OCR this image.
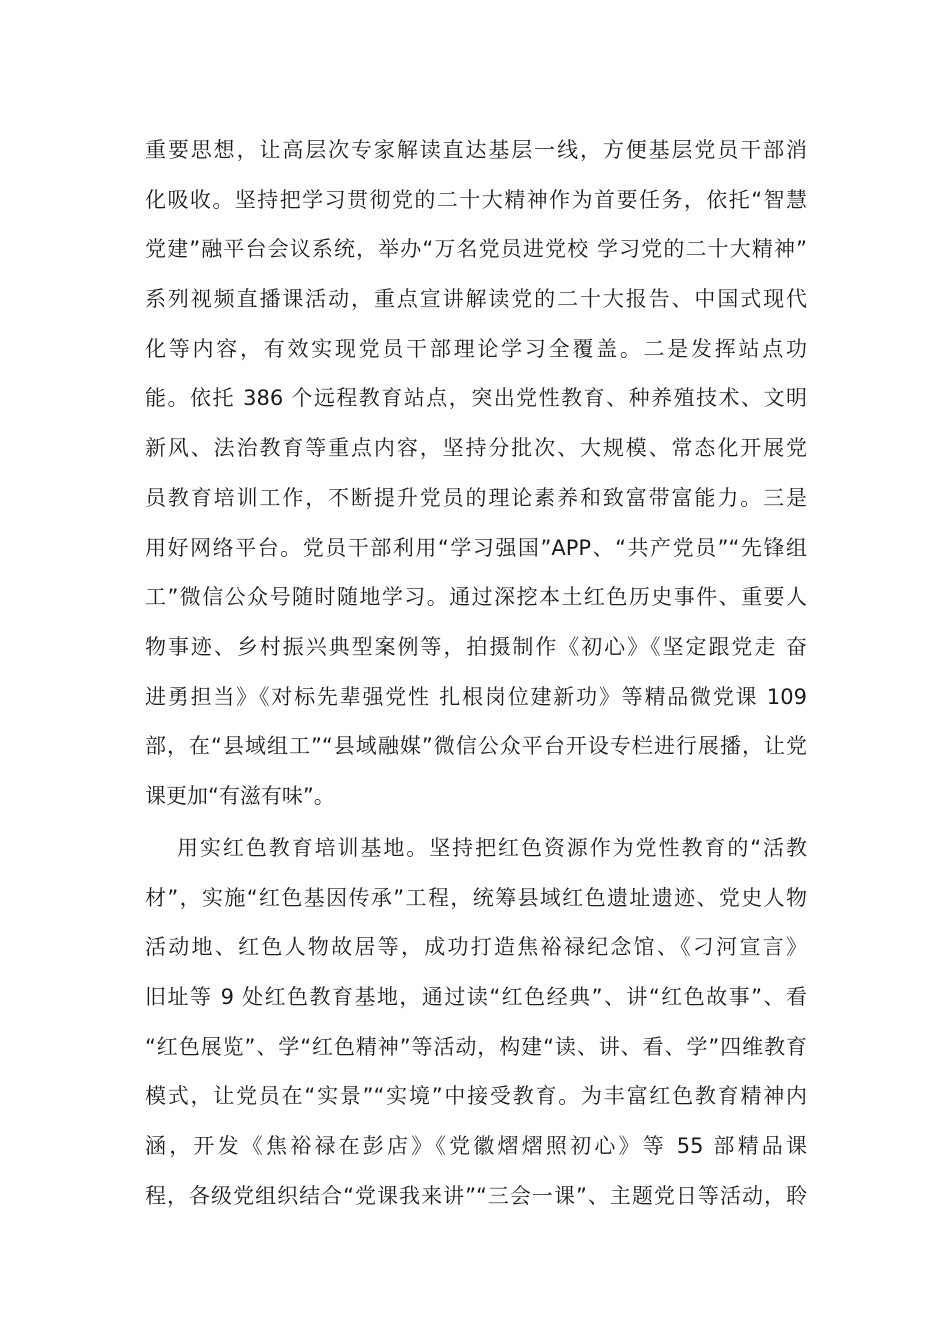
重要思想，让高层次专家解读直达基层一线，方便基层党员干部消
化吸收。坚持把学习贯彻党的二十大精神作为首要任务，依托“智慧
党建”融平台会议系统，举办“万名党员进党校 学习党的二十大精神”
系列视频直播课活动，重点宣讲解读党的二十大报告、中国式现代
化等内容，有效实现党员干部理论学习全覆盖。二是发挥站点功
能。依托 386 个远程教育站点，突出党性教育、种养殖技术、文明
新风、法治教育等重点内容，坚持分批次、大规模、常态化开展党
员教育培训工作，不断提升党员的理论素养和致富带富能力。三是
用好网络平台。党员干部利用“学习强国”APP、“共产党员”“先锋组
工”微信公众号随时随地学习。通过深挖本土红色历史事件、重要人
物事迹、乡村振兴典型案例等，拍摄制作《初心》《坚定跟党走 奋
进勇担当》《对标先辈强党性 扎根岗位建新功》等精品微党课 109
部，在“县域组工”“县域融媒”微信公众平台开设专栏进行展播，让党
课更加“有滋有味”。
用实红色教育培训基地。坚持把红色资源作为党性教育的“活教
材”，实施“红色基因传承”工程，统筹县域红色遗址遗迹、党史人物
活动地、红色人物故居等，成功打造焦裕禄纪念馆、《刁河宣言》
旧址等 9 处红色教育基地，通过读“红色经典”、讲“红色故事”、看
“红色展览”、学“红色精神”等活动，构建“读、讲、看、学”四维教育
模式，让党员在“实景”“实境”中接受教育。为丰富红色教育精神内
涵，开发《焦裕禄在彭店》《党徽熠熠照初心》等 55 部精品课
程，各级党组织结合“党课我来讲”“三会一课”、主题党日等活动，聆
